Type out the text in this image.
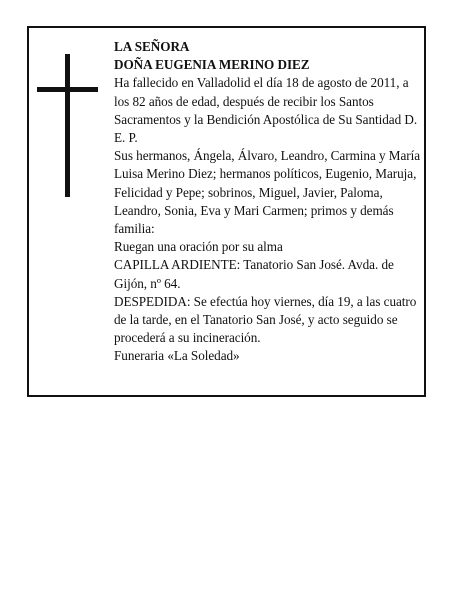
LA SEÑORA
DOÑA EUGENIA MERINO DIEZ
Ha fallecido en Valladolid el día 18 de agosto de 2011, a los 82 años de edad, después de recibir los Santos Sacramentos y la Bendición Apostólica de Su Santidad D. E. P.
Sus hermanos, Ángela, Álvaro, Leandro, Carmina y María Luisa Merino Diez; hermanos políticos, Eugenio, Maruja, Felicidad y Pepe; sobrinos, Miguel, Javier, Paloma, Leandro, Sonia, Eva y Mari Carmen; primos y demás familia:
Ruegan una oración por su alma
CAPILLA ARDIENTE: Tanatorio San José. Avda. de Gijón, nº 64.
DESPEDIDA: Se efectúa hoy viernes, día 19, a las cuatro de la tarde, en el Tanatorio San José, y acto seguido se procederá a su incineración.
Funeraria «La Soledad»
